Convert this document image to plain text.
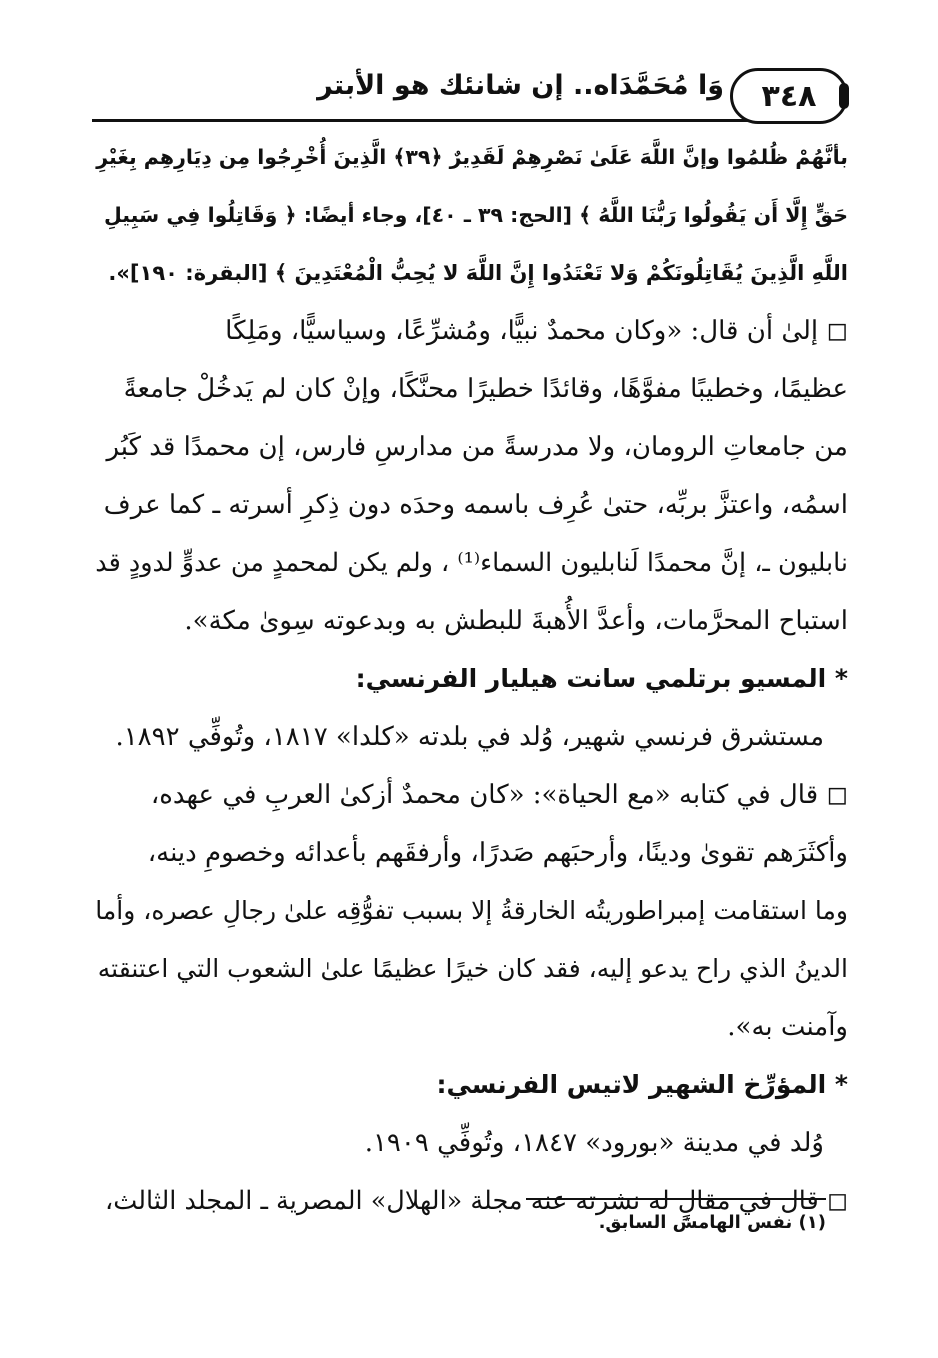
٣٤٨
وَا مُحَمَّدَاه.. إن شانئك هو الأبتر
بأنَّهُمْ ظُلمُوا وإنَّ اللَّهَ عَلَىٰ نَصْرِهِمْ لَقَدِيرٌ ﴿٣٩﴾ الَّذِينَ أُخْرِجُوا مِن دِيَارِهِم بِغَيْرِ
حَقٍّ إِلَّا أَن يَقُولُوا رَبُّنَا اللَّهُ ﴾ [الحج: ٣٩ ـ ٤٠]، وجاء أيضًا: ﴿ وَقَاتِلُوا فِي سَبِيلِ
اللَّهِ الَّذِينَ يُقَاتِلُونَكُمْ وَلا تَعْتَدُوا إِنَّ اللَّهَ لا يُحِبُّ الْمُعْتَدِينَ ﴾ [البقرة: ١٩٠]».
◻ إلىٰ أن قال: «وكان محمدٌ نبيًّا، ومُشرِّعًا، وسياسيًّا، ومَلِكًا
عظيمًا، وخطيبًا مفوَّهًا، وقائدًا خطيرًا محنَّكًا، وإنْ كان لم يَدخُلْ جامعةً
من جامعاتِ الرومان، ولا مدرسةً من مدارسِ فارس، إن محمدًا قد كَبُر
اسمُه، واعتزَّ بربِّه، حتىٰ عُرِف باسمه وحدَه دون ذِكرِ أسرته ـ كما عرف
نابليون ـ، إنَّ محمدًا لَنابليون السماء⁽¹⁾ ، ولم يكن لمحمدٍ من عدوٍّ لدودٍ قد
استباح المحرَّمات، وأعدَّ الأُهبةَ للبطش به وبدعوته سِوىٰ مكة».
* المسيو برتلمي سانت هيليار الفرنسي:
مستشرق فرنسي شهير، وُلد في بلدته «كلدا» ١٨١٧، وتُوفِّي ١٨٩٢.
◻ قال في كتابه «مع الحياة»: «كان محمدٌ أزكىٰ العربِ في عهده،
وأكثَرَهم تقوىٰ ودينًا، وأرحبَهم صَدرًا، وأرفقَهم بأعدائه وخصومِ دينه،
وما استقامت إمبراطوريتُه الخارقةُ إلا بسبب تفوُّقِه علىٰ رجالِ عصره، وأما
الدينُ الذي راح يدعو إليه، فقد كان خيرًا عظيمًا علىٰ الشعوب التي اعتنقته
وآمنت به».
* المؤرِّخ الشهير لاتيس الفرنسي:
وُلد في مدينة «بورود» ١٨٤٧، وتُوفِّي ١٩٠٩.
◻ قال في مقالٍ له نشرته عنه مجلة «الهلال» المصرية ـ المجلد الثالث،
(١) نفس الهامش السابق.
